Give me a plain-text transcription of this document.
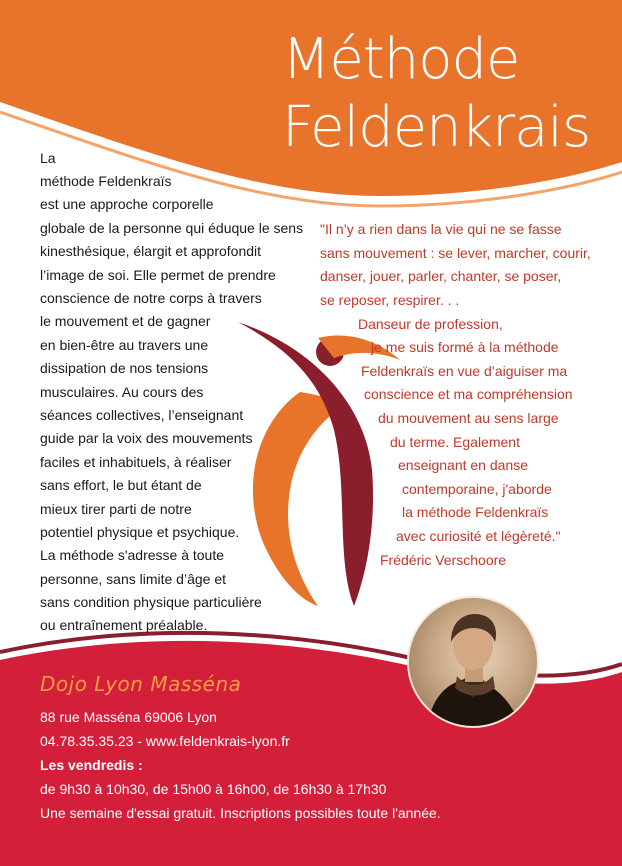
Méthode
Feldenkrais
La
méthode Feldenkraïs
est une approche corporelle
globale de la personne qui éduque le sens
kinesthésique, élargit et approfondit
l’image de soi. Elle permet de prendre
conscience de notre corps à travers
le mouvement et de gagner
en bien-être au travers une
dissipation de nos tensions
musculaires. Au cours des
séances collectives, l’enseignant
guide par la voix des mouvements
faciles et inhabituels, à réaliser
sans effort, le but étant de
mieux tirer parti de notre
potentiel physique et psychique.
La méthode s'adresse à toute
personne, sans limite d’âge et
sans condition physique particulière
ou entraînement préalable.
"Il n’y a rien dans la vie qui ne se fasse
sans mouvement : se lever, marcher, courir,
danser, jouer, parler, chanter, se poser,
se reposer, respirer. . .
Danseur de profession,
je me suis formé à la méthode
Feldenkraïs en vue d’aiguiser ma
conscience et ma compréhension
du mouvement au sens large
du terme. Egalement
enseignant en danse
contemporaine, j'aborde
la méthode Feldenkraïs
avec curiosité et légèreté."
Frédéric Verschoore
Dojo Lyon Masséna
88 rue Masséna 69006 Lyon
04.78.35.35.23 - www.feldenkrais-lyon.fr
Les vendredis :
de 9h30 à 10h30, de 15h00 à 16h00, de 16h30 à 17h30
Une semaine d'essai gratuit. Inscriptions possibles toute l'année.
